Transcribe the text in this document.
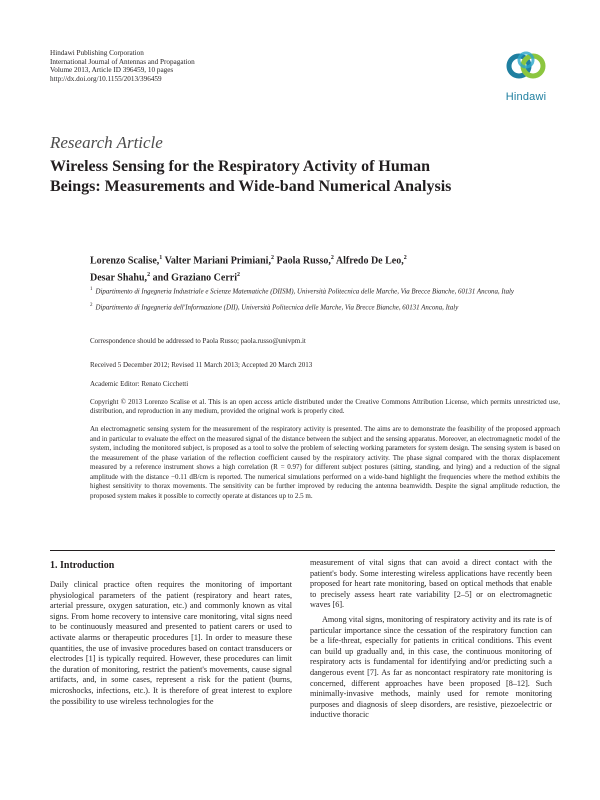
Hindawi Publishing Corporation
International Journal of Antennas and Propagation
Volume 2013, Article ID 396459, 10 pages
http://dx.doi.org/10.1155/2013/396459
Hindawi
Research Article
Wireless Sensing for the Respiratory Activity of Human Beings: Measurements and Wide-band Numerical Analysis
Lorenzo Scalise,$^1$ Valter Mariani Primiani,$^2$ Paola Russo,$^2$ Alfredo De Leo,$^2$
Desar Shahu,$^2$ and Graziano Cerri$^2$
$^1$ Dipartimento di Ingegneria Industriale e Scienze Matematiche (DIISM), Università Politecnica delle Marche, Via Brecce Bianche, 60131 Ancona, Italy
$^2$ Dipartimento di Ingegneria dell'Informazione (DII), Università Politecnica delle Marche, Via Brecce Bianche, 60131 Ancona, Italy
Correspondence should be addressed to Paola Russo; paola.russo@univpm.it
Received 5 December 2012; Revised 11 March 2013; Accepted 20 March 2013
Academic Editor: Renato Cicchetti
Copyright © 2013 Lorenzo Scalise et al. This is an open access article distributed under the Creative Commons Attribution License, which permits unrestricted use, distribution, and reproduction in any medium, provided the original work is properly cited.
An electromagnetic sensing system for the measurement of the respiratory activity is presented. The aims are to demonstrate the feasibility of the proposed approach and in particular to evaluate the effect on the measured signal of the distance between the subject and the sensing apparatus. Moreover, an electromagnetic model of the system, including the monitored subject, is proposed as a tool to solve the problem of selecting working parameters for system design. The sensing system is based on the measurement of the phase variation of the reflection coefficient caused by the respiratory activity. The phase signal compared with the thorax displacement measured by a reference instrument shows a high correlation (R = 0.97) for different subject postures (sitting, standing, and lying) and a reduction of the signal amplitude with the distance −0.11 dB/cm is reported. The numerical simulations performed on a wide-band highlight the frequencies where the method exhibits the highest sensitivity to thorax movements. The sensitivity can be further improved by reducing the antenna beamwidth. Despite the signal amplitude reduction, the proposed system makes it possible to correctly operate at distances up to 2.5 m.
1. Introduction

Daily clinical practice often requires the monitoring of important physiological parameters of the patient (respiratory and heart rates, arterial pressure, oxygen saturation, etc.) and commonly known as vital signs. From home recovery to intensive care monitoring, vital signs need to be continuously measured and presented to patient carers or used to activate alarms or therapeutic procedures [1]. In order to measure these quantities, the use of invasive procedures based on contact transducers or electrodes [1] is typically required. However, these procedures can limit the duration of monitoring, restrict the patient's movements, cause signal artifacts, and, in some cases, represent a risk for the patient (burns, microshocks, infections, etc.). It is therefore of great interest to explore the possibility to use wireless technologies for the

measurement of vital signs that can avoid a direct contact with the patient's body. Some interesting wireless applications have recently been proposed for heart rate monitoring, based on optical methods that enable to precisely assess heart rate variability [2–5] or on electromagnetic waves [6].

Among vital signs, monitoring of respiratory activity and its rate is of particular importance since the cessation of the respiratory function can be a life-threat, especially for patients in critical conditions. This event can build up gradually and, in this case, the continuous monitoring of respiratory acts is fundamental for identifying and/or predicting such a dangerous event [7]. As far as noncontact respiratory rate monitoring is concerned, different approaches have been proposed [8–12]. Such minimally-invasive methods, mainly used for remote monitoring purposes and diagnosis of sleep disorders, are resistive, piezoelectric or inductive thoracic
